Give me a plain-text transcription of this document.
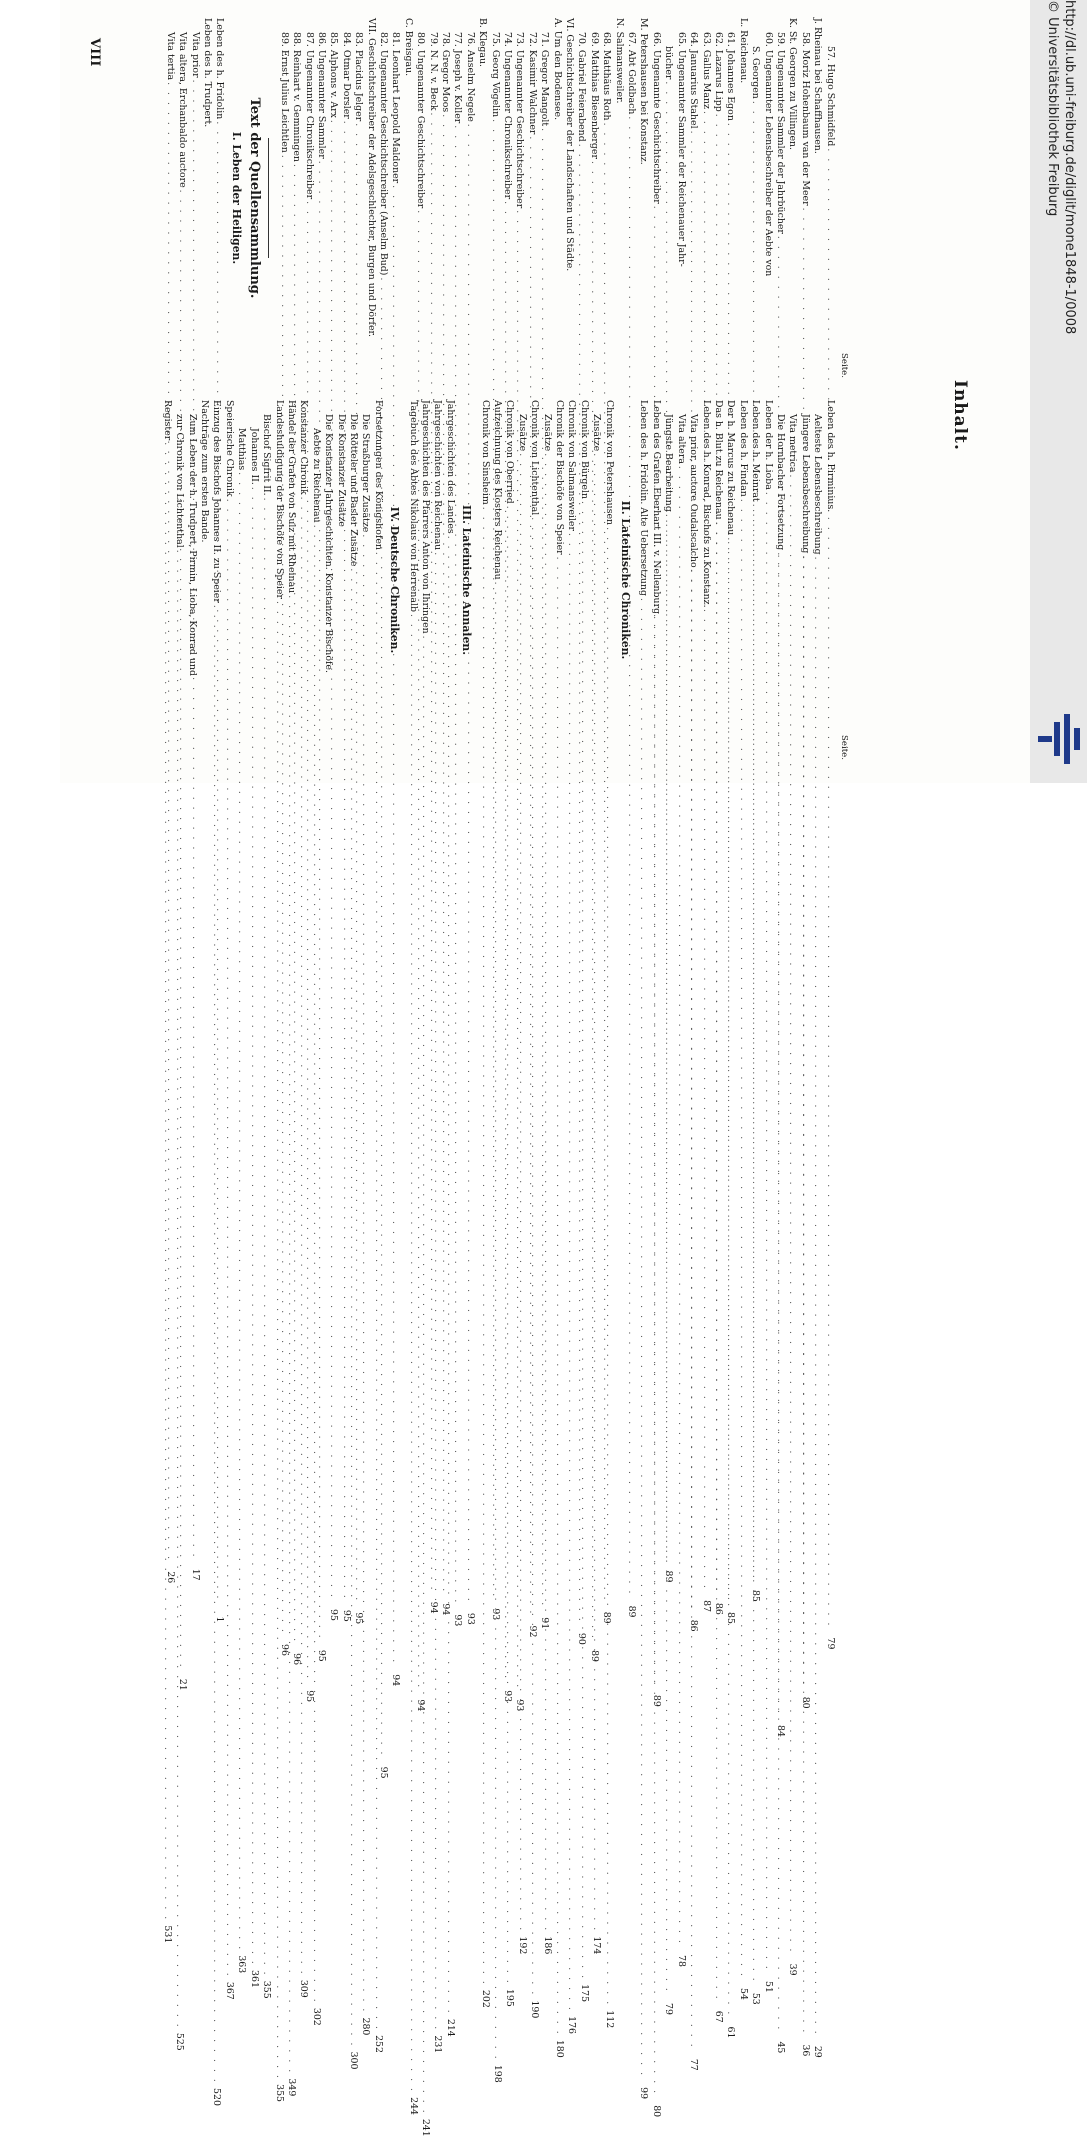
VIII
Inhalt.
Seite.
57. Hugo Schmidfeld
. . .
79
J. Rheinau bei Schaffhausen.
58. Moriz Hohenbaum van der Meer
. . .
80
K. St. Georgen zu Villingen.
59. Ungenannter Sammler der Jahrbücher
. . .
84
60. Ungenannter Lebensbeschreiber der Aebte von
S. Georgen
. . .
85
L. Reichenau.
61. Johannes Egon
. . .
85
62. Lazarus Lipp
. . .
86
63. Gallus Manz
. . .
87
64. Januarius Stahel
. . .
86
65. Ungenannter Sammler der Reichenauer Jahr-
bücher
. . .
89
66. Ungenannte Geschichtschreiber
. . .
89
M. Petershausen bei Konstanz.
67. Abt Goldbach
. . .
89
N. Salmansweiler.
68. Matthäus Roth
. . .
89
69. Matthias Biesenberger
. . .
89
70. Gabriel Feierabend
. . .
90
VI. Geschichtschreiber der Landschaften und Städte.
A. Um den Bodensee.
71. Gregor Mangolt
. . .
91
72. Kasimir Walchner
. . .
92
73. Ungenannter Geschichtschreiber
. . .
93
74. Ungenannter Chronikschreiber
. . .
93
75. Georg Vögelin
. . .
93
B. Klegau.
76. Anselm Negele
. . .
93
77. Joseph v. Koller
. . .
93
78. Gregor Moos
. . .
94
79. N. N. v. Beck
. . .
94
80. Ungenannter Geschichtschreiber
. . .
94
C. Breisgau.
81. Leonhart Leopold Maldoner
. . .
94
82. Ungenannter Geschichtschreiber (Anselm Bud)
. . .
95
VII. Geschichtschreiber der Adelsgeschlechter, Burgen und Dörfer.
83. Placidus Jelger
. . .
95
84. Otmar Dorsler
. . .
95
85. Alphons v. Arx
. . .
95
86. Ungenannter Sammler
. . .
95
87. Ungenannter Chronikschreiber
. . .
95
88. Reinhart v. Gemmingen
. . .
96
89. Ernst Julius Leichtlen
. . .
96
Text der Quellensammlung.
I. Leben der Heiligen.
Leben des h. Fridolin
. . .
1
Leben des h. Trudpert.
Vita prior
. . .
17
Vita altera, Erchanbaldo auctore
. . .
21
Vita tertia
. . .
26
Seite.
Leben des h. Pirminius.
Aelteste Lebensbeschreibung
. . .
29
Jüngere Lebensbeschreibung
. . .
36
Vita metrica
. . .
39
Die Hornbacher Fortsetzung
. . .
45
Leben der h. Lioba
. . .
51
Leben des h. Meinrat
. . .
53
Leben des h. Findan
. . .
54
Der h. Marcus zu Reichenau
. . .
61
Das h. Blut zu Reichenau
. . .
67
Leben des h. Konrad, Bischofs zu Konstanz.
Vita prior, auctore Oudalscalcho
. . .
77
Vita altera
. . .
78
Jüngste Bearbeitung
. . .
79
Leben des Grafen Eberhart III. v. Nellenburg
. . .
80
Leben des h. Fridolin. Alte Uebersetzung
. . .
99
II. Lateinische Chroniken.
Chronik von Petershausen
. . .
112
Zusätze
. . .
174
Chronik von Bürgeln
. . .
175
Chronik von Salmansweiler
. . .
176
Chronik der Bischöfe von Speier
. . .
180
Zusätze
. . .
186
Chronik von Lichtenthal
. . .
190
Zusätze
. . .
192
Chronik von Oberried
. . .
195
Aufzeichnung des Klosters Reichenau
. . .
198
Chronik von Sinsheim
. . .
202
III. Lateinische Annalen.
Jahrgeschichten des Landes
. . .
214
Jahrgeschichten von Reichenau
. . .
231
Jahrgeschichten des Pfarrers Anton von Ihringen
. . .
241
Tagebuch des Abtes Nikolaus von Herrenalb
. . .
244
IV. Deutsche Chroniken.
Fortsetzungen des Königshofen
. . .
252
Die Straßburger Zusätze
. . .
280
Die Rötteler und Basler Zusätze
. . .
300
Die Konstanzer Zusätze
Die Konstanzer Jahrgeschichten. Konstanzer Bischöfe.
Aebte zu Reichenau
. . .
302
Konstanzer Chronik
. . .
309
Händel der Grafen von Sulz mit Rheinau
. . .
349
Landeshuldigung der Bischöfe von Speier
. . .
355
Bischof Sigfrit II.
. . .
355
Johannes II.
. . .
361
Matthias
. . .
363
Speierische Chronik
. . .
367
Einzug des Bischofs Johannes II. zu Speier
. . .
520
Nachträge zum ersten Bande.
Zum Leben der h. Trudpert, Pirmin, Lioba, Konrad und
zur Chronik von Lichtenthal
. . .
525
Register
. . .
531
http://dl.ub.uni-freiburg.de/diglit/mone1848-1/0008
© Universitätsbibliothek Freiburg
